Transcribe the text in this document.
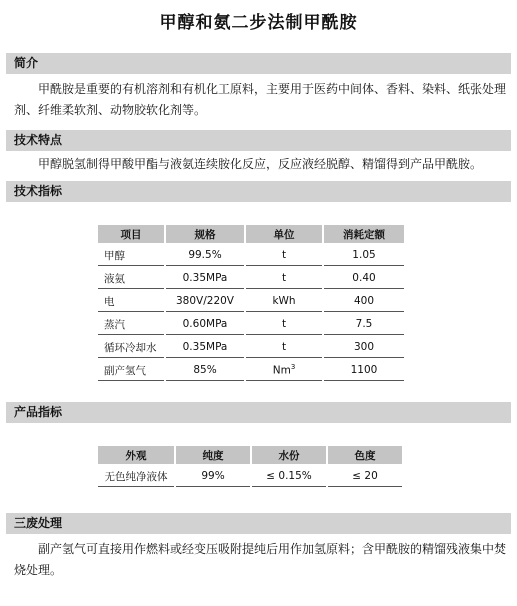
甲醇和氨二步法制甲酰胺
简介
甲酰胺是重要的有机溶剂和有机化工原料，主要用于医药中间体、香料、染料、纸张处理剂、纤维柔软剂、动物胶软化剂等。
技术特点
甲醇脱氢制得甲酸甲酯与液氨连续胺化反应，反应液经脱醇、精馏得到产品甲酰胺。
技术指标
项目	规格	单位	消耗定额
甲醇	99.5%	t	1.05
液氨	0.35MPa	t	0.40
电	380V/220V	kWh	400
蒸汽	0.60MPa	t	7.5
循环冷却水	0.35MPa	t	300
副产氢气	85%	Nm$^3$	1100
产品指标
外观	纯度	水份	色度
无色纯净液体	99%	≤ 0.15%	≤ 20
三废处理
副产氢气可直接用作燃料或经变压吸附提纯后用作加氢原料；含甲酰胺的精馏残液集中焚烧处理。
